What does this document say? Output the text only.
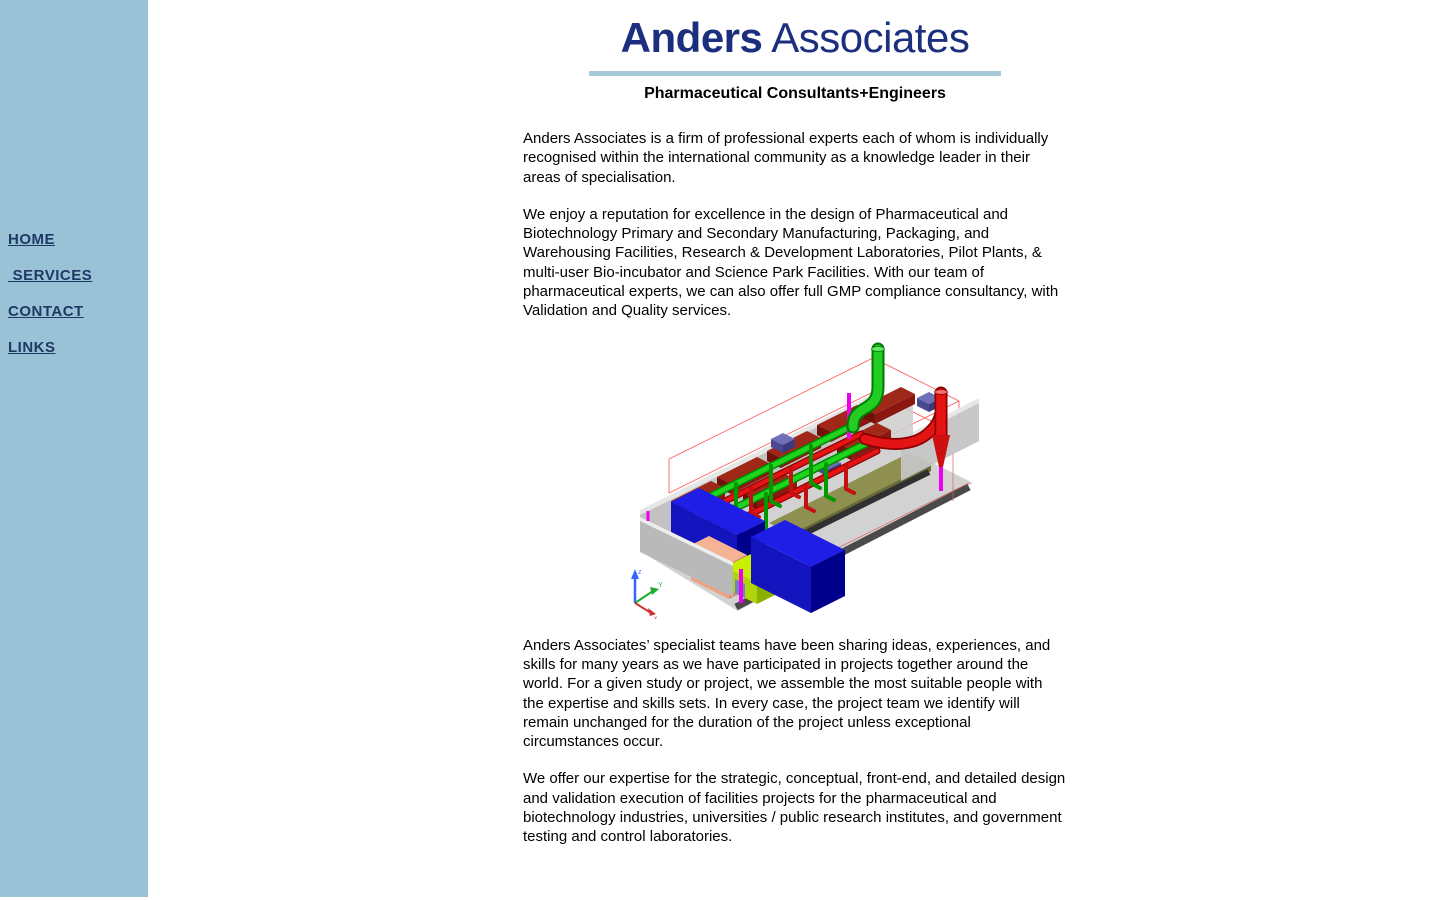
HOME
SERVICES
CONTACT
LINKS
Anders Associates
Pharmaceutical Consultants+Engineers

Anders Associates is a firm of professional experts each of whom is individually recognised within the international community as a knowledge leader in their areas of specialisation.

We enjoy a reputation for excellence in the design of Pharmaceutical and Biotechnology Primary and Secondary Manufacturing, Packaging, and Warehousing Facilities, Research & Development Laboratories, Pilot Plants, & multi-user Bio-incubator and Science Park Facilities. With our team of pharmaceutical experts, we can also offer full GMP compliance consultancy, with Validation and Quality services.

z
Y
x

Anders Associates’ specialist teams have been sharing ideas, experiences, and skills for many years as we have participated in projects together around the world. For a given study or project, we assemble the most suitable people with the expertise and skills sets. In every case, the project team we identify will remain unchanged for the duration of the project unless exceptional circumstances occur.

We offer our expertise for the strategic, conceptual, front-end, and detailed design and validation execution of facilities projects for the pharmaceutical and biotechnology industries, universities / public research institutes, and government testing and control laboratories.
